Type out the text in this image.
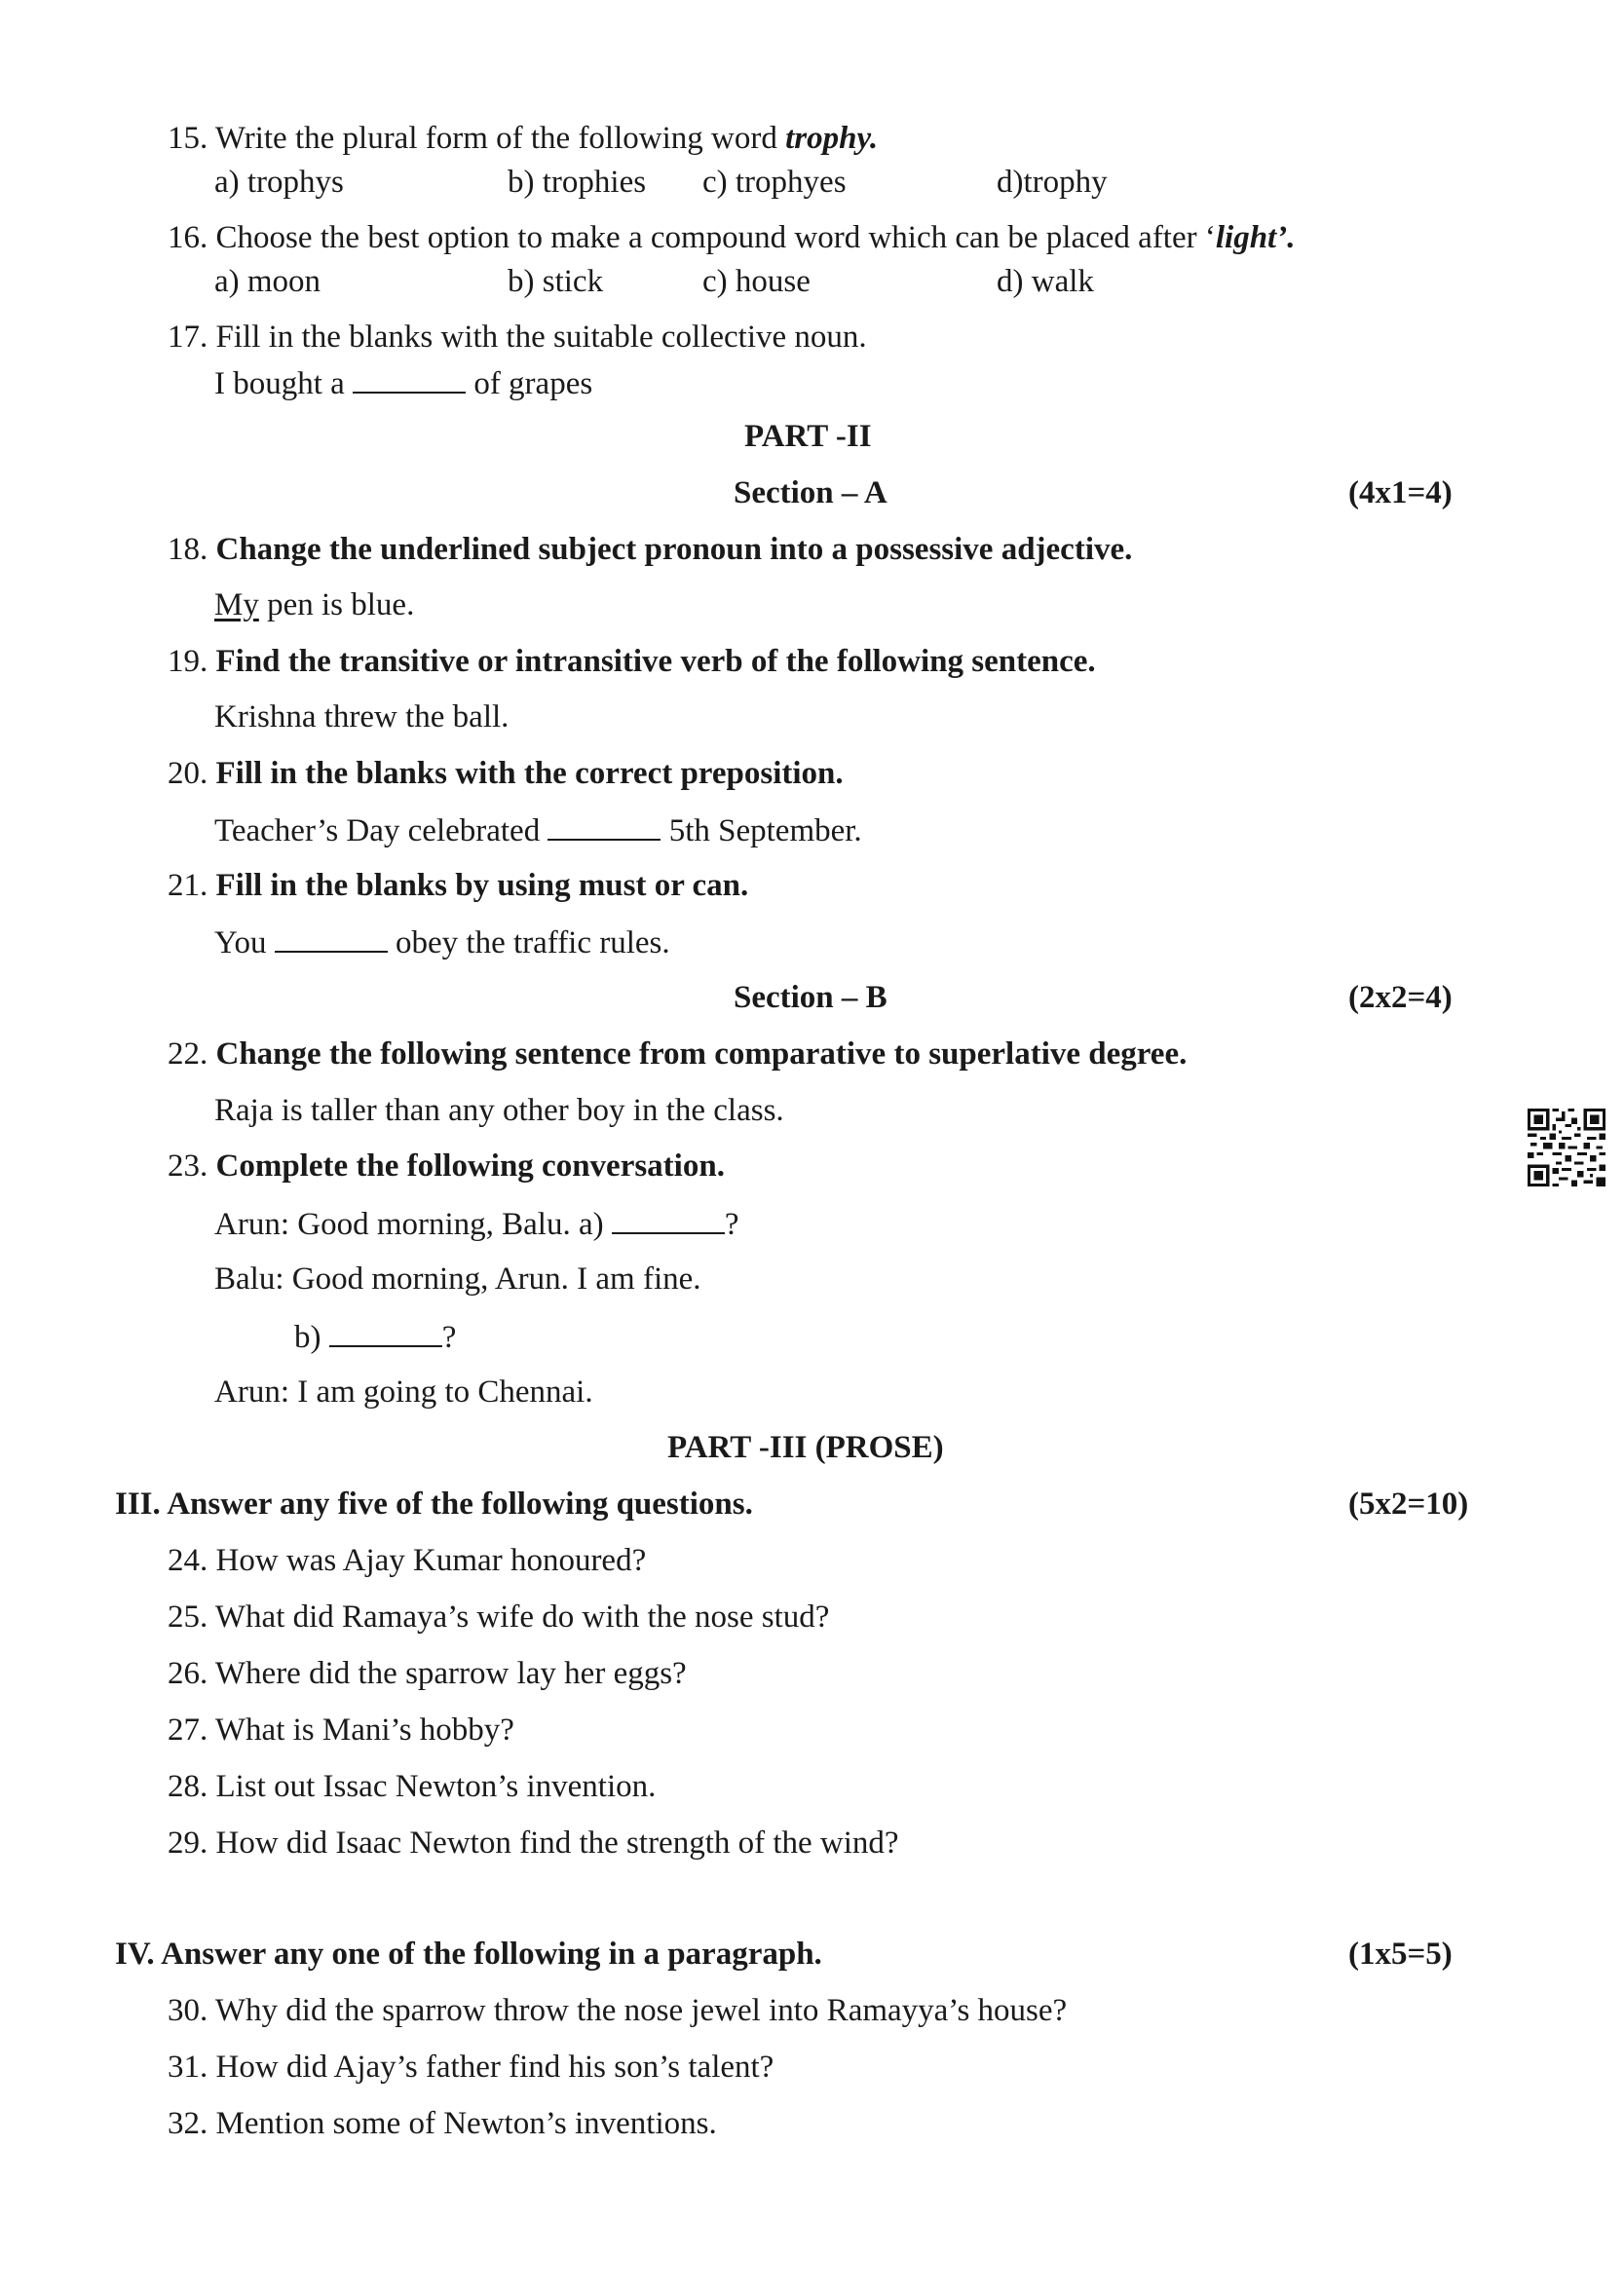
15. Write the plural form of the following word trophy.
a) trophys	b) trophies c) trophyes	d)trophy
16. Choose the best option to make a compound word which can be placed after ‘light’.
a) moon	b) stick	c) house	d) walk
17. Fill in the blanks with the suitable collective noun.
I bought a	of grapes
PART -II
Section – A	(4x1=4)
18. Change the underlined subject pronoun into a possessive adjective.
My pen is blue.
19. Find the transitive or intransitive verb of the following sentence.
Krishna threw the ball.
20. Fill in the blanks with the correct preposition.
Teacher’s Day celebrated	5th September.
21. Fill in the blanks by using must or can.
You	obey the traffic rules.
Section – B	(2x2=4)
22. Change the following sentence from comparative to superlative degree.
Raja is taller than any other boy in the class.
23. Complete the following conversation.
Arun: Good morning, Balu. a)	?
Balu: Good morning, Arun. I am fine.
b)	?
Arun: I am going to Chennai.
PART -III (PROSE)
III. Answer any five of the following questions.	(5x2=10)
24. How was Ajay Kumar honoured?
25. What did Ramaya’s wife do with the nose stud?
26. Where did the sparrow lay her eggs?
27. What is Mani’s hobby?
28. List out Issac Newton’s invention.
29. How did Isaac Newton find the strength of the wind?
IV. Answer any one of the following in a paragraph.	(1x5=5)
30. Why did the sparrow throw the nose jewel into Ramayya’s house?
31. How did Ajay’s father find his son’s talent?
32. Mention some of Newton’s inventions.
